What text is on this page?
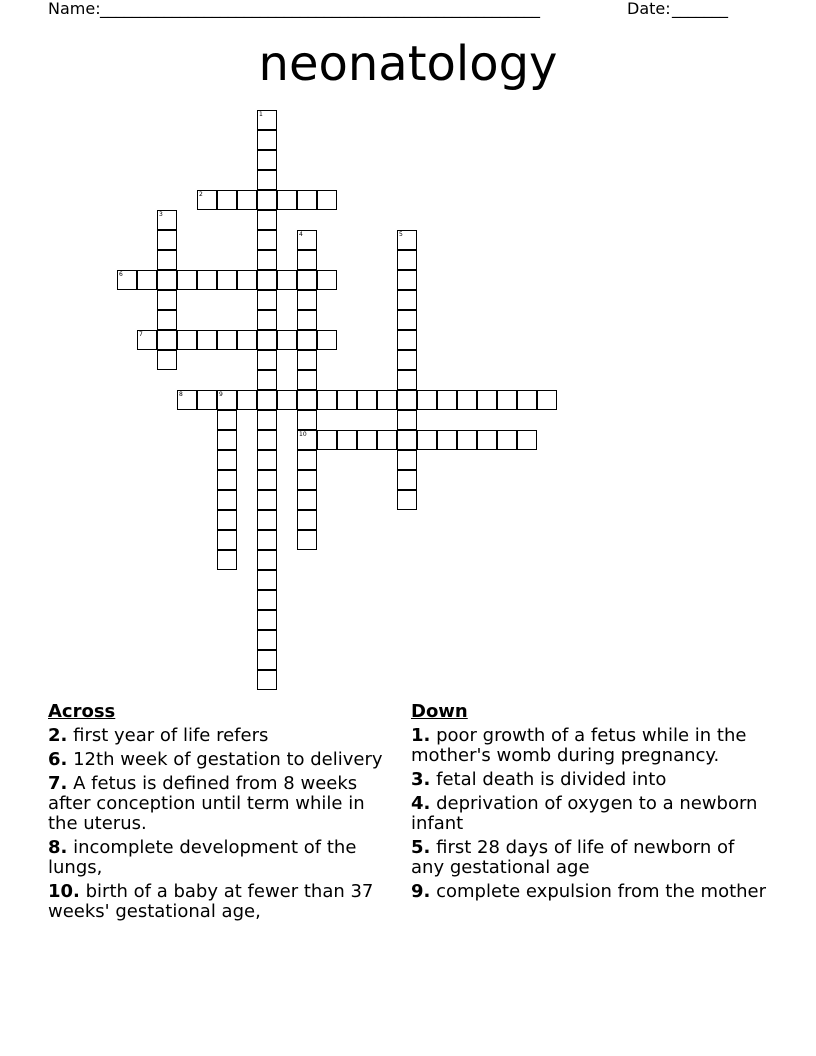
Name: _______________________________________________________	Date: _______
neonatology
1
2
3
4
10
5
6
7
8	9
Across
2. first year of life refers
6. 12th week of gestation to delivery
7. A fetus is defined from 8 weeks after conception until term while in the uterus.
8. incomplete development of the lungs,
10. birth of a baby at fewer than 37 weeks' gestational age,
Down
1. poor growth of a fetus while in the mother's womb during pregnancy.
3. fetal death is divided into
4. deprivation of oxygen to a newborn infant
5. first 28 days of life of newborn of any gestational age
9. complete expulsion from the mother
